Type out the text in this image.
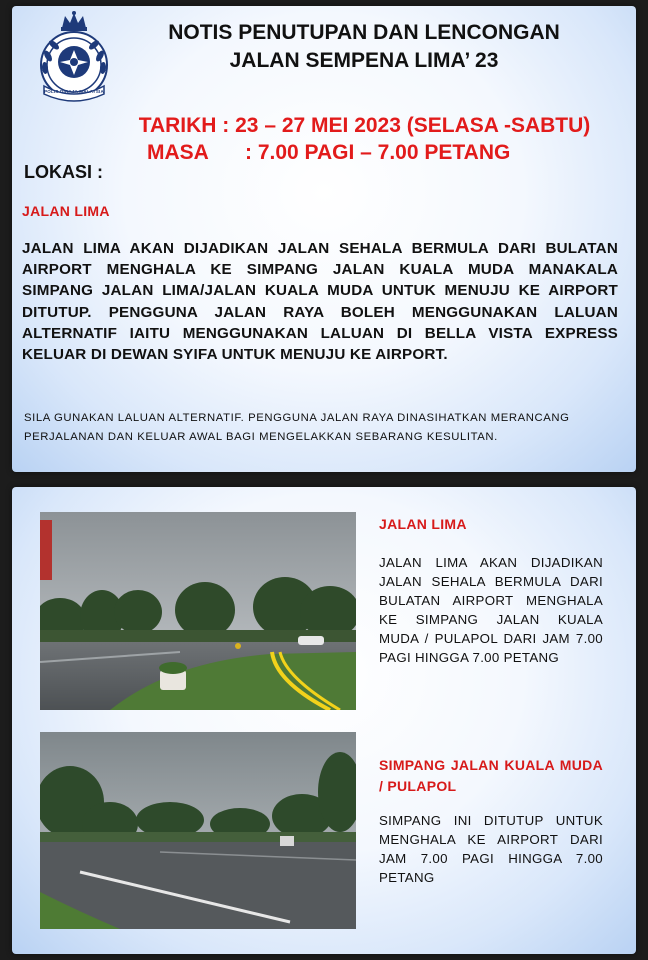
POLIS DIRAJA MALAYSIA
NOTIS PENUTUPAN DAN LENCONGAN
JALAN SEMPENA LIMA’ 23
TARIKH : 23 – 27 MEI 2023 (SELASA -SABTU)
MASA : 7.00 PAGI – 7.00 PETANG
LOKASI :
JALAN LIMA
JALAN LIMA AKAN DIJADIKAN JALAN SEHALA BERMULA DARI BULATAN AIRPORT MENGHALA KE SIMPANG JALAN KUALA MUDA MANAKALA SIMPANG JALAN LIMA/JALAN KUALA MUDA UNTUK MENUJU KE AIRPORT DITUTUP. PENGGUNA JALAN RAYA BOLEH MENGGUNAKAN LALUAN ALTERNATIF IAITU MENGGUNAKAN LALUAN DI BELLA VISTA EXPRESS KELUAR DI DEWAN SYIFA UNTUK MENUJU KE AIRPORT.
SILA GUNAKAN LALUAN ALTERNATIF. PENGGUNA JALAN RAYA DINASIHATKAN MERANCANG PERJALANAN DAN KELUAR AWAL BAGI MENGELAKKAN SEBARANG KESULITAN.
JALAN LIMA
JALAN LIMA AKAN DIJADIKAN JALAN SEHALA BERMULA DARI BULATAN AIRPORT MENGHALA KE SIMPANG JALAN KUALA MUDA / PULAPOL DARI JAM 7.00 PAGI HINGGA 7.00 PETANG
SIMPANG JALAN KUALA MUDA / PULAPOL
SIMPANG INI DITUTUP UNTUK MENGHALA KE AIRPORT DARI JAM 7.00 PAGI HINGGA 7.00 PETANG
